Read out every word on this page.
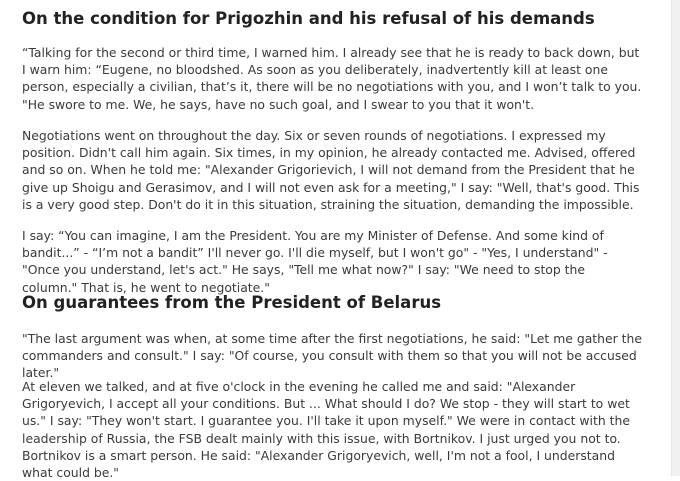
On the condition for Prigozhin and his refusal of his demands

“Talking for the second or third time, I warned him. I already see that he is ready to back down, but I warn him: “Eugene, no bloodshed. As soon as you deliberately, inadvertently kill at least one person, especially a civilian, that’s it, there will be no negotiations with you, and I won’t talk to you. "He swore to me. We, he says, have no such goal, and I swear to you that it won't.

Negotiations went on throughout the day. Six or seven rounds of negotiations. I expressed my position. Didn't call him again. Six times, in my opinion, he already contacted me. Advised, offered and so on. When he told me: "Alexander Grigorievich, I will not demand from the President that he give up Shoigu and Gerasimov, and I will not even ask for a meeting," I say: "Well, that's good. This is a very good step. Don't do it in this situation, straining the situation, demanding the impossible.

I say: “You can imagine, I am the President. You are my Minister of Defense. And some kind of bandit...” - “I’m not a bandit” I'll never go. I'll die myself, but I won't go" - "Yes, I understand" - "Once you understand, let's act." He says, "Tell me what now?" I say: "We need to stop the column." That is, he went to negotiate."

On guarantees from the President of Belarus

"The last argument was when, at some time after the first negotiations, he said: "Let me gather the commanders and consult." I say: "Of course, you consult with them so that you will not be accused later."

At eleven we talked, and at five o'clock in the evening he called me and said: "Alexander Grigoryevich, I accept all your conditions. But ... What should I do? We stop - they will start to wet us." I say: "They won't start. I guarantee you. I'll take it upon myself." We were in contact with the leadership of Russia, the FSB dealt mainly with this issue, with Bortnikov. I just urged you not to. Bortnikov is a smart person. He said: "Alexander Grigoryevich, well, I'm not a fool, I understand what could be."
